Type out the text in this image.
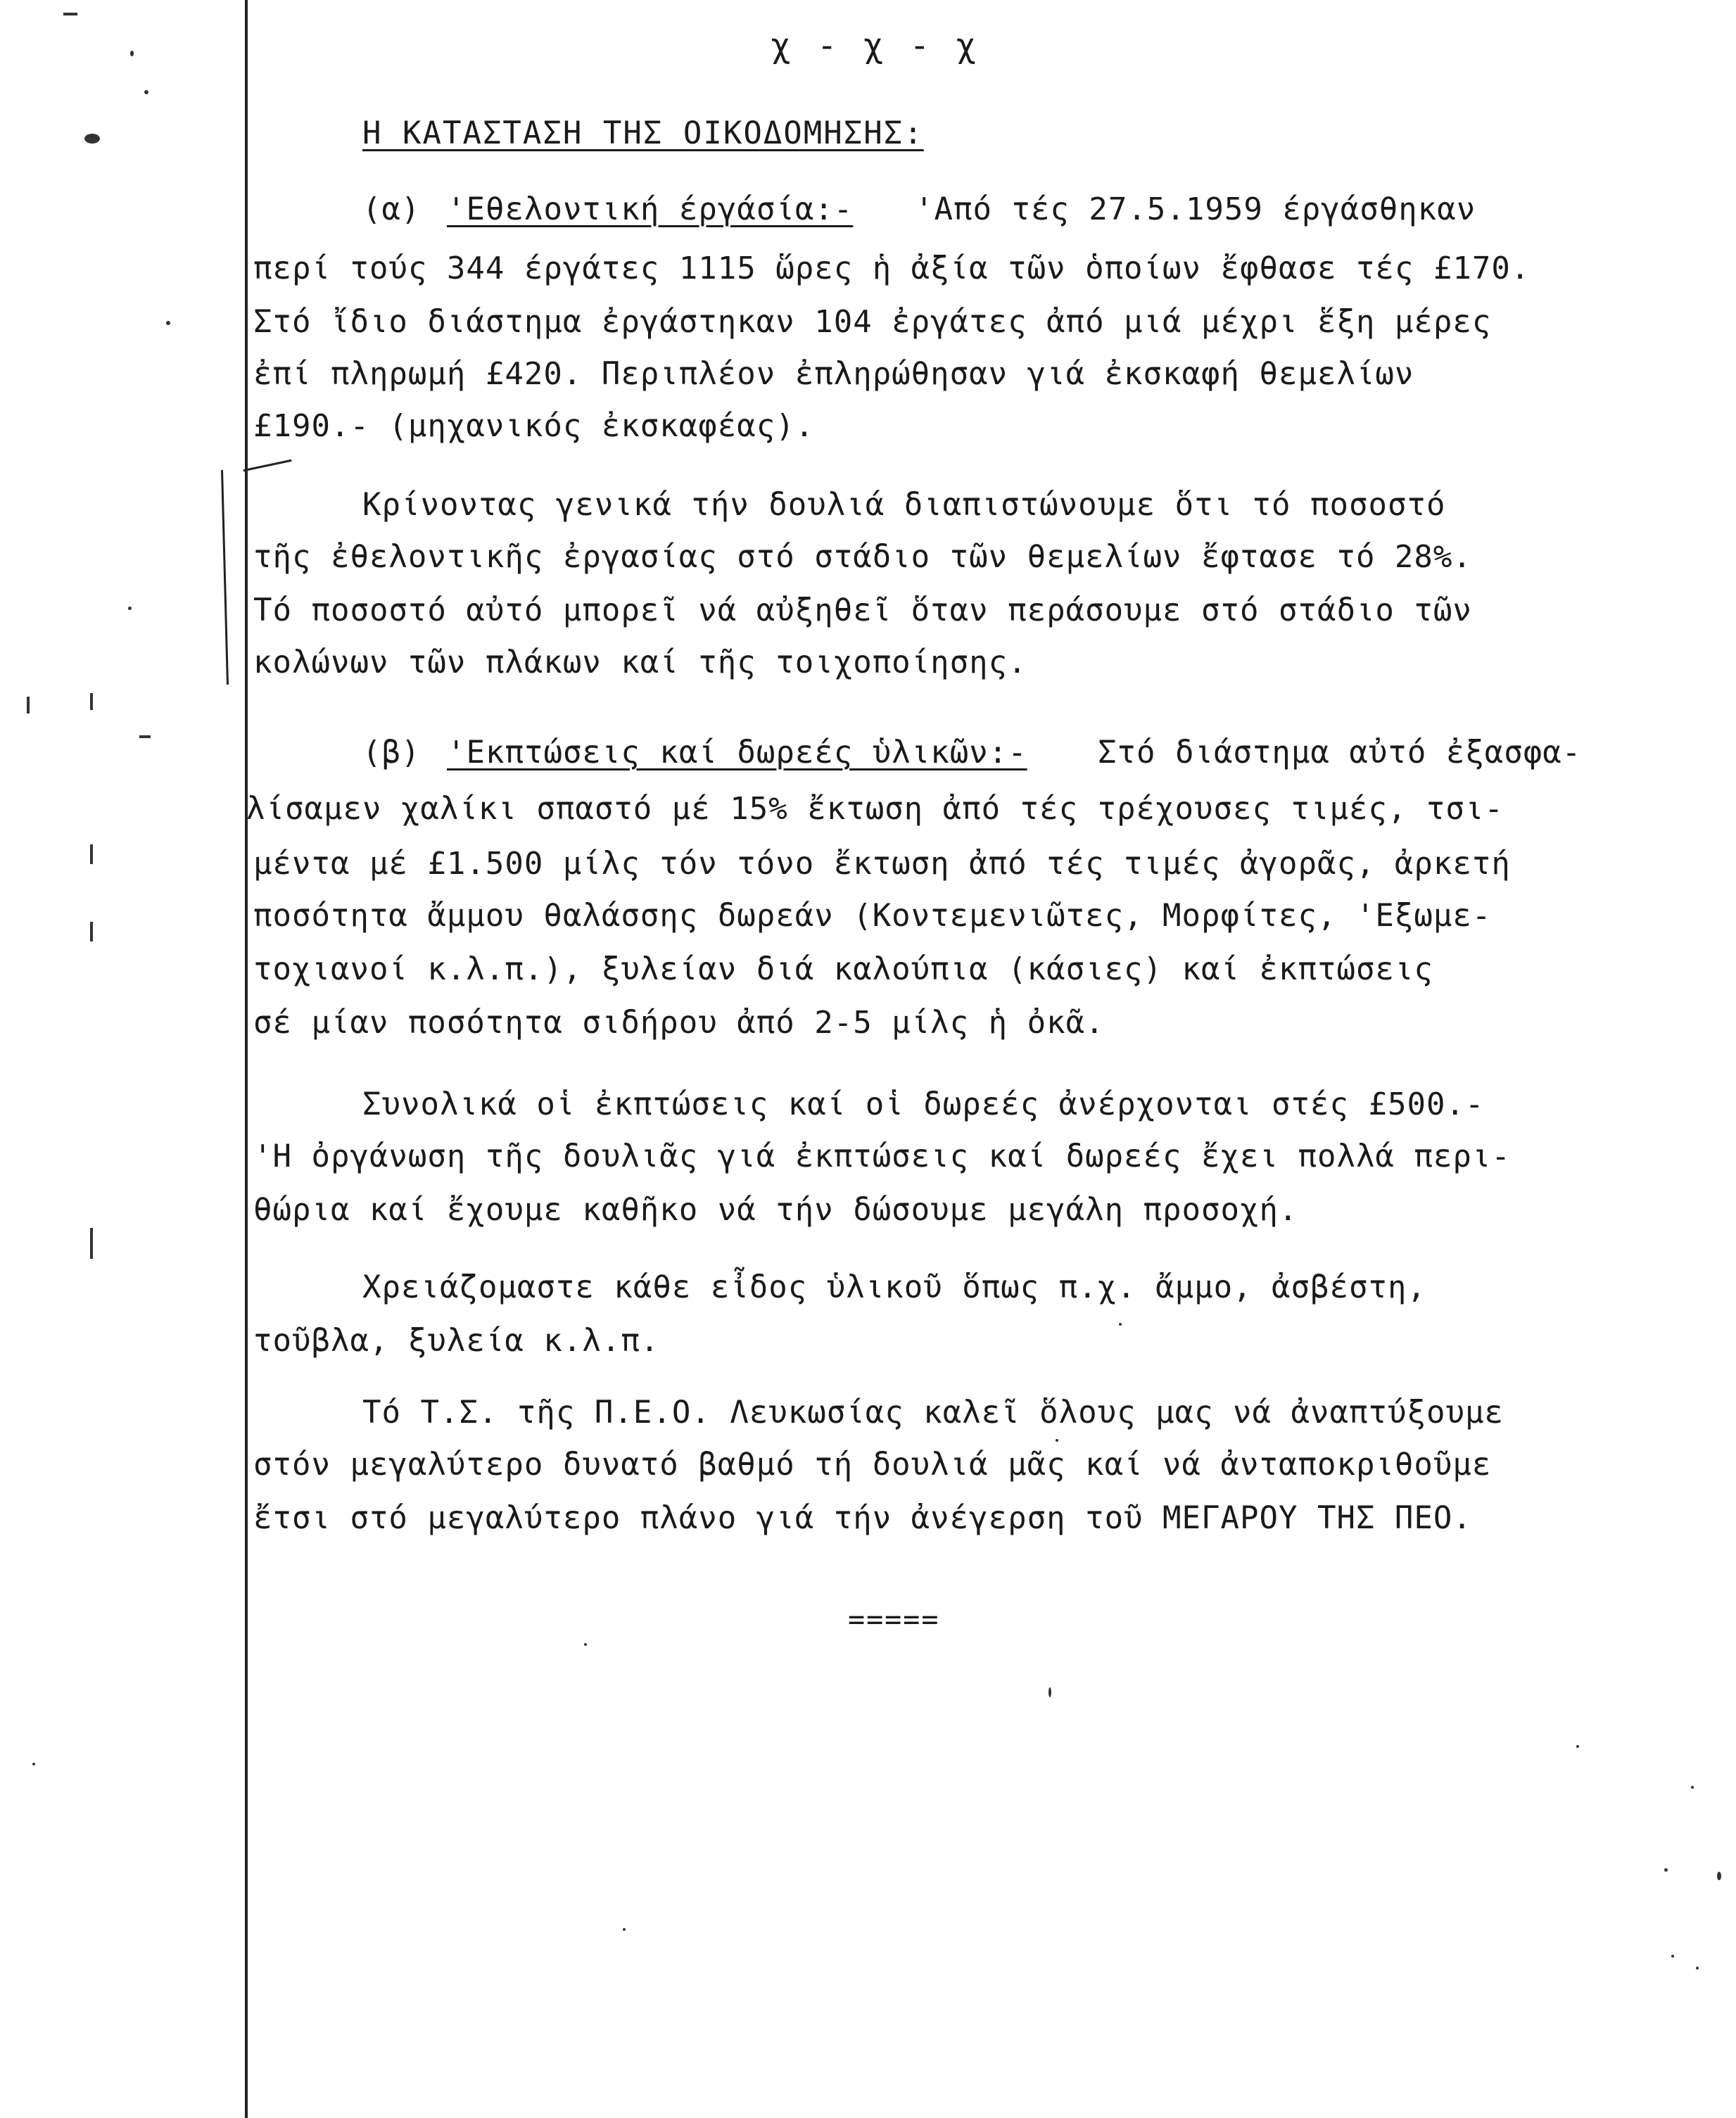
χ - χ - χ
Η ΚΑΤΑΣΤΑΣΗ ΤΗΣ ΟΙΚΟΔΟΜΗΣΗΣ:
(α) 'Εθελοντική έργάσία:- 'Από τές 27.5.1959 έργάσθηκαν
περί τούς 344 έργάτες 1115 ὥρες ἡ ἀξία τῶν ὁποίων ἔφθασε τές £170.
Στό ἴδιο διάστημα ἐργάστηκαν 104 ἐργάτες ἀπό μιά μέχρι ἕξη μέρες
ἐπί πληρωμή £420. Περιπλέον ἐπληρώθησαν γιά ἐκσκαφή θεμελίων
£190.- (μηχανικός ἐκσκαφέας).
Κρίνοντας γενικά τήν δουλιά διαπιστώνουμε ὅτι τό ποσοστό
τῆς ἐθελοντικῆς ἐργασίας στό στάδιο τῶν θεμελίων ἔφτασε τό 28%.
Τό ποσοστό αὐτό μπορεῖ νά αὐξηθεῖ ὅταν περάσουμε στό στάδιο τῶν
κολώνων τῶν πλάκων καί τῆς τοιχοποίησης.
(β) 'Εκπτώσεις καί δωρεές ὑλικῶν:- Στό διάστημα αὐτό ἐξασφα-
λίσαμεν χαλίκι σπαστό μέ 15% ἔκτωση ἀπό τές τρέχουσες τιμές, τσι-
μέντα μέ £1.500 μίλς τόν τόνο ἔκτωση ἀπό τές τιμές ἀγορᾶς, ἀρκετή
ποσότητα ἄμμου θαλάσσης δωρεάν (Κοντεμενιῶτες, Μορφίτες, 'Εξωμε-
τοχιανοί κ.λ.π.), ξυλείαν διά καλούπια (κάσιες) καί ἐκπτώσεις
σέ μίαν ποσότητα σιδήρου ἀπό 2-5 μίλς ἡ ὀκᾶ.
Συνολικά οἱ ἐκπτώσεις καί οἱ δωρεές ἀνέρχονται στές £500.-
'Η ὀργάνωση τῆς δουλιᾶς γιά ἐκπτώσεις καί δωρεές ἔχει πολλά περι-
θώρια καί ἔχουμε καθῆκο νά τήν δώσουμε μεγάλη προσοχή.
Χρειάζομαστε κάθε εἶδος ὑλικοῦ ὅπως π.χ. ἄμμο, ἀσβέστη,
τοῦβλα, ξυλεία κ.λ.π.
Τό Τ.Σ. τῆς Π.Ε.Ο. Λευκωσίας καλεῖ ὅλους μας νά ἀναπτύξουμε
στόν μεγαλύτερο δυνατό βαθμό τή δουλιά μᾶς καί νά ἀνταποκριθοῦμε
ἔτσι στό μεγαλύτερο πλάνο γιά τήν ἀνέγερση τοῦ ΜΕΓΑΡΟΥ ΤΗΣ ΠΕΟ.
=====
